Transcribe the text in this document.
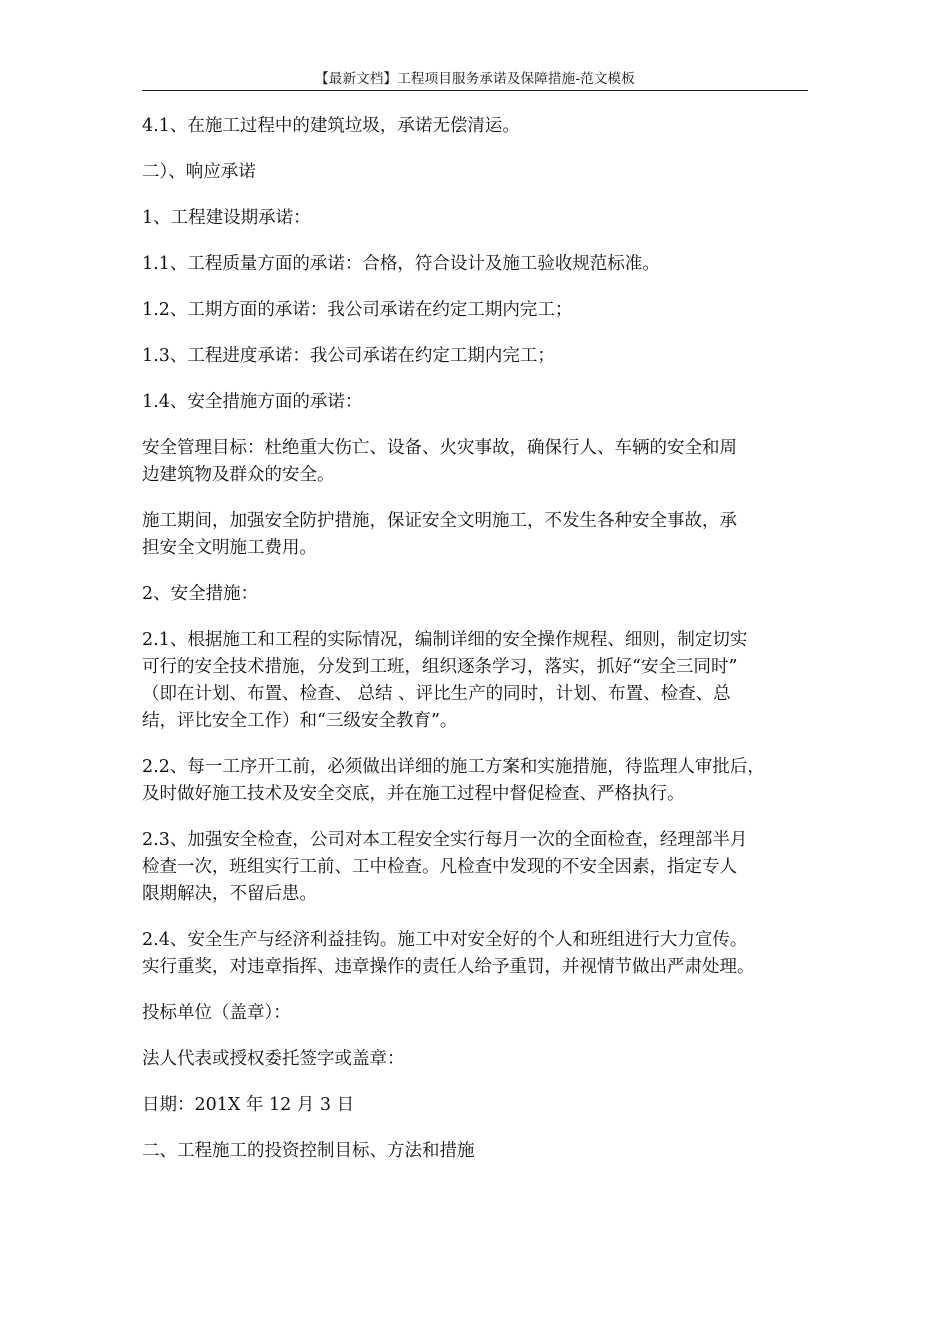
【最新文档】工程项目服务承诺及保障措施-范文模板

4.1、在施工过程中的建筑垃圾，承诺无偿清运。

二）、响应承诺

1、工程建设期承诺：

1.1、工程质量方面的承诺：合格，符合设计及施工验收规范标准。

1.2、工期方面的承诺：我公司承诺在约定工期内完工；

1.3、工程进度承诺：我公司承诺在约定工期内完工；

1.4、安全措施方面的承诺：

安全管理目标：杜绝重大伤亡、设备、火灾事故，确保行人、车辆的安全和周
边建筑物及群众的安全。

施工期间，加强安全防护措施，保证安全文明施工，不发生各种安全事故，承
担安全文明施工费用。

2、安全措施：

2.1、根据施工和工程的实际情况，编制详细的安全操作规程、细则，制定切实
可行的安全技术措施，分发到工班，组织逐条学习，落实，抓好“安全三同时”
（即在计划、布置、检查、 总结 、评比生产的同时，计划、布置、检查、总
结，评比安全工作）和“三级安全教育”。

2.2、每一工序开工前，必须做出详细的施工方案和实施措施，待监理人审批后，
及时做好施工技术及安全交底，并在施工过程中督促检查、严格执行。

2.3、加强安全检查，公司对本工程安全实行每月一次的全面检查，经理部半月
检查一次，班组实行工前、工中检查。凡检查中发现的不安全因素，指定专人
限期解决，不留后患。

2.4、安全生产与经济利益挂钩。施工中对安全好的个人和班组进行大力宣传。
实行重奖，对违章指挥、违章操作的责任人给予重罚，并视情节做出严肃处理。

投标单位（盖章）：

法人代表或授权委托签字或盖章：

日期：201X 年 12 月 3 日

二、工程施工的投资控制目标、方法和措施
